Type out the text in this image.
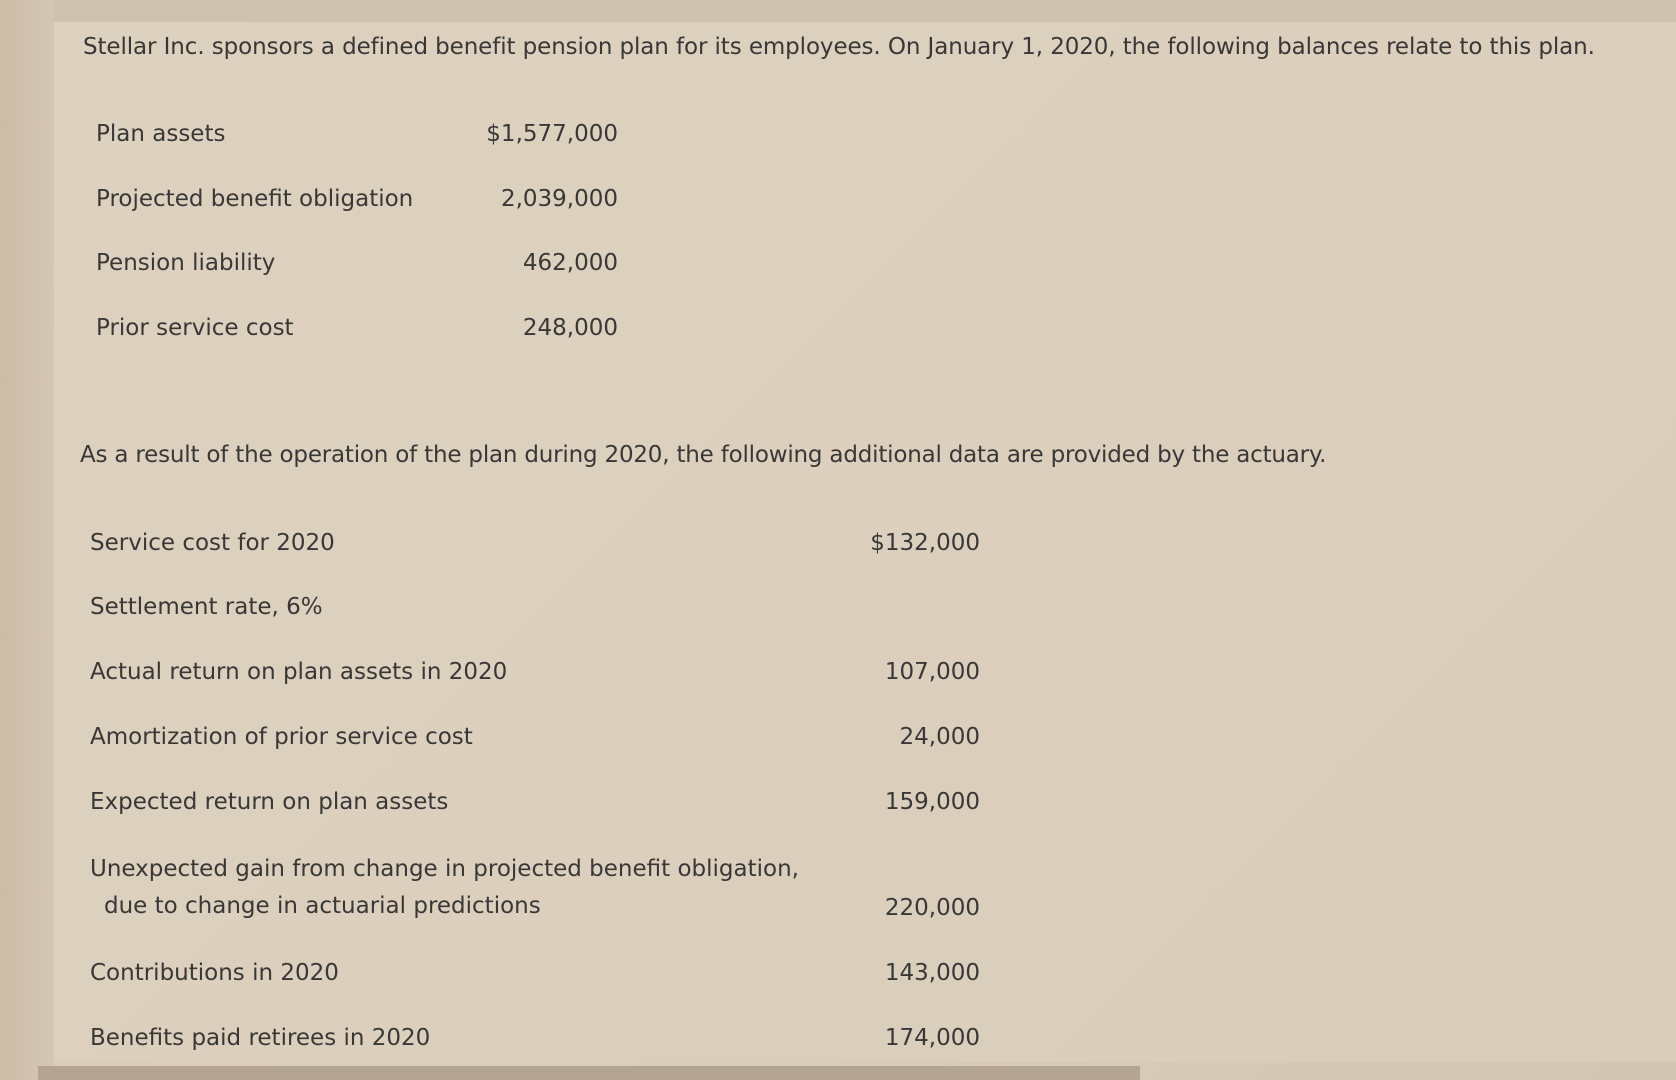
Stellar Inc. sponsors a defined benefit pension plan for its employees. On January 1, 2020, the following balances relate to this plan.
Plan assets	$1,577,000
Projected benefit obligation	2,039,000
Pension liability	462,000
Prior service cost	248,000
As a result of the operation of the plan during 2020, the following additional data are provided by the actuary.
Service cost for 2020	$132,000
Settlement rate, 6%
Actual return on plan assets in 2020	107,000
Amortization of prior service cost	24,000
Expected return on plan assets	159,000
Unexpected gain from change in projected benefit obligation,
due to change in actuarial predictions	220,000
Contributions in 2020	143,000
Benefits paid retirees in 2020	174,000
